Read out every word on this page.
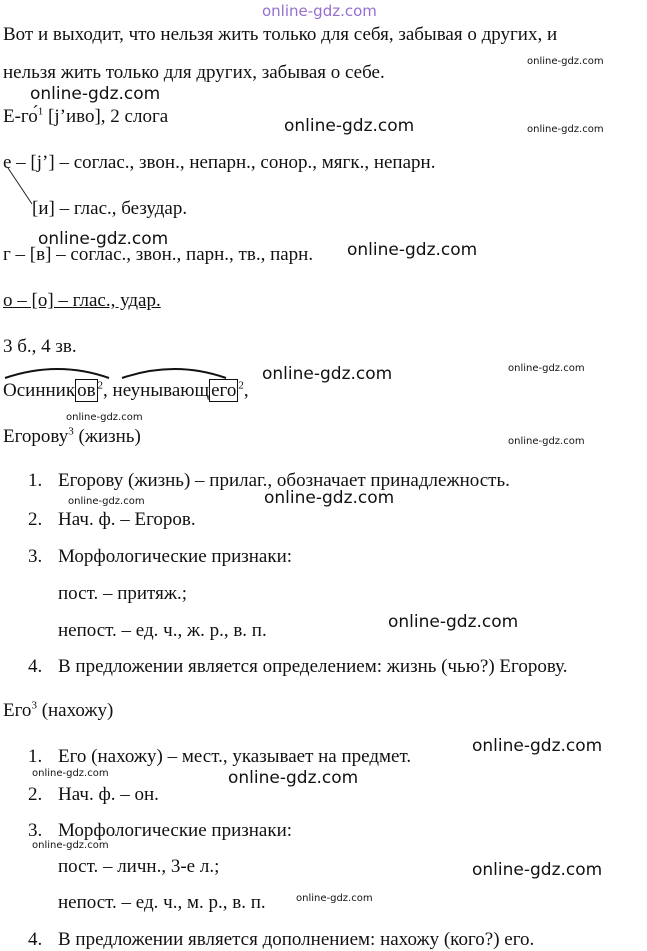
online-gdz.com
Вот и выходит, что нельзя жить только для себя, забывая о других, и
нельзя жить только для других, забывая о себе.
Е-го́$^1$ [j’иво], 2 слога
е – [j’] – соглас., звон., непарн., сонор., мягк., непарн.
[и] – глас., безудар.
г – [в] – соглас., звон., парн., тв., парн.
о – [о] – глас., удар.
3 б., 4 зв.
Осинник ов $^2$, неунывающ его $^2$,
Егорову$^3$ (жизнь)
1. Егорову (жизнь) – прилаг., обозначает принадлежность.
2. Нач. ф. – Егоров.
3. Морфологические признаки:
пост. – притяж.;
непост. – ед. ч., ж. р., в. п.
4. В предложении является определением: жизнь (чью?) Егорову.
Его$^3$ (нахожу)
1. Его (нахожу) – мест., указывает на предмет.
2. Нач. ф. – он.
3. Морфологические признаки:
пост. – личн., 3-е л.;
непост. – ед. ч., м. р., в. п.
4. В предложении является дополнением: нахожу (кого?) его.
online-gdz.com
online-gdz.com
online-gdz.com	online-gdz.com
online-gdz.com
online-gdz.com
online-gdz.com	online-gdz.com
online-gdz.com
online-gdz.com
online-gdz.com	online-gdz.com
online-gdz.com
online-gdz.com
online-gdz.com	online-gdz.com
online-gdz.com
online-gdz.com
online-gdz.com
